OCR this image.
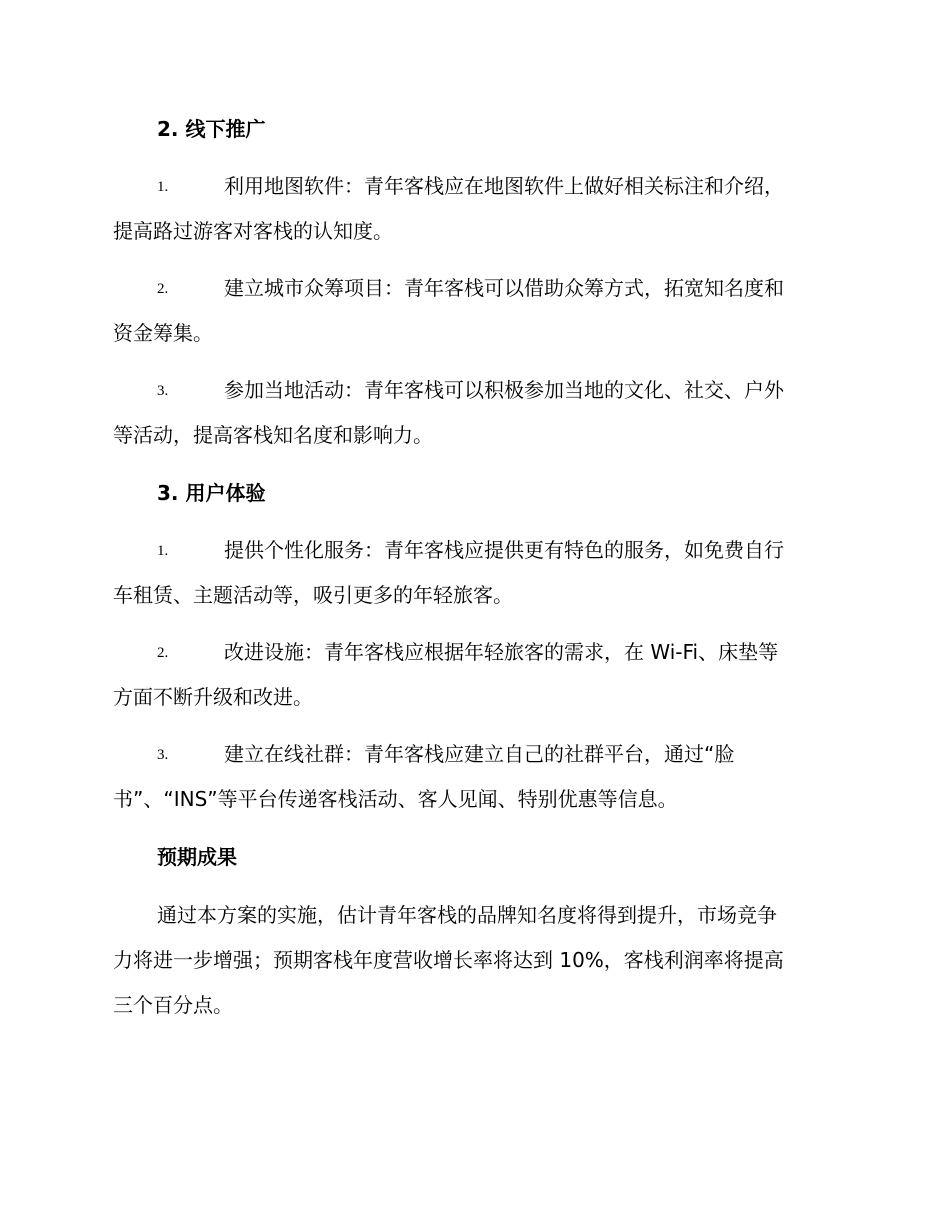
2. 线下推广
1.	利用地图软件：青年客栈应在地图软件上做好相关标注和介绍，
提高路过游客对客栈的认知度。
2.	建立城市众筹项目：青年客栈可以借助众筹方式，拓宽知名度和
资金筹集。
3.	参加当地活动：青年客栈可以积极参加当地的文化、社交、户外
等活动，提高客栈知名度和影响力。
3. 用户体验
1.	提供个性化服务：青年客栈应提供更有特色的服务，如免费自行
车租赁、主题活动等，吸引更多的年轻旅客。
2.	改进设施：青年客栈应根据年轻旅客的需求，在 Wi-Fi、床垫等
方面不断升级和改进。
3.	建立在线社群：青年客栈应建立自己的社群平台，通过“脸
书”、“INS”等平台传递客栈活动、客人见闻、特别优惠等信息。
预期成果
通过本方案的实施，估计青年客栈的品牌知名度将得到提升，市场竞争
力将进一步增强；预期客栈年度营收增长率将达到 10%，客栈利润率将提高
三个百分点。
